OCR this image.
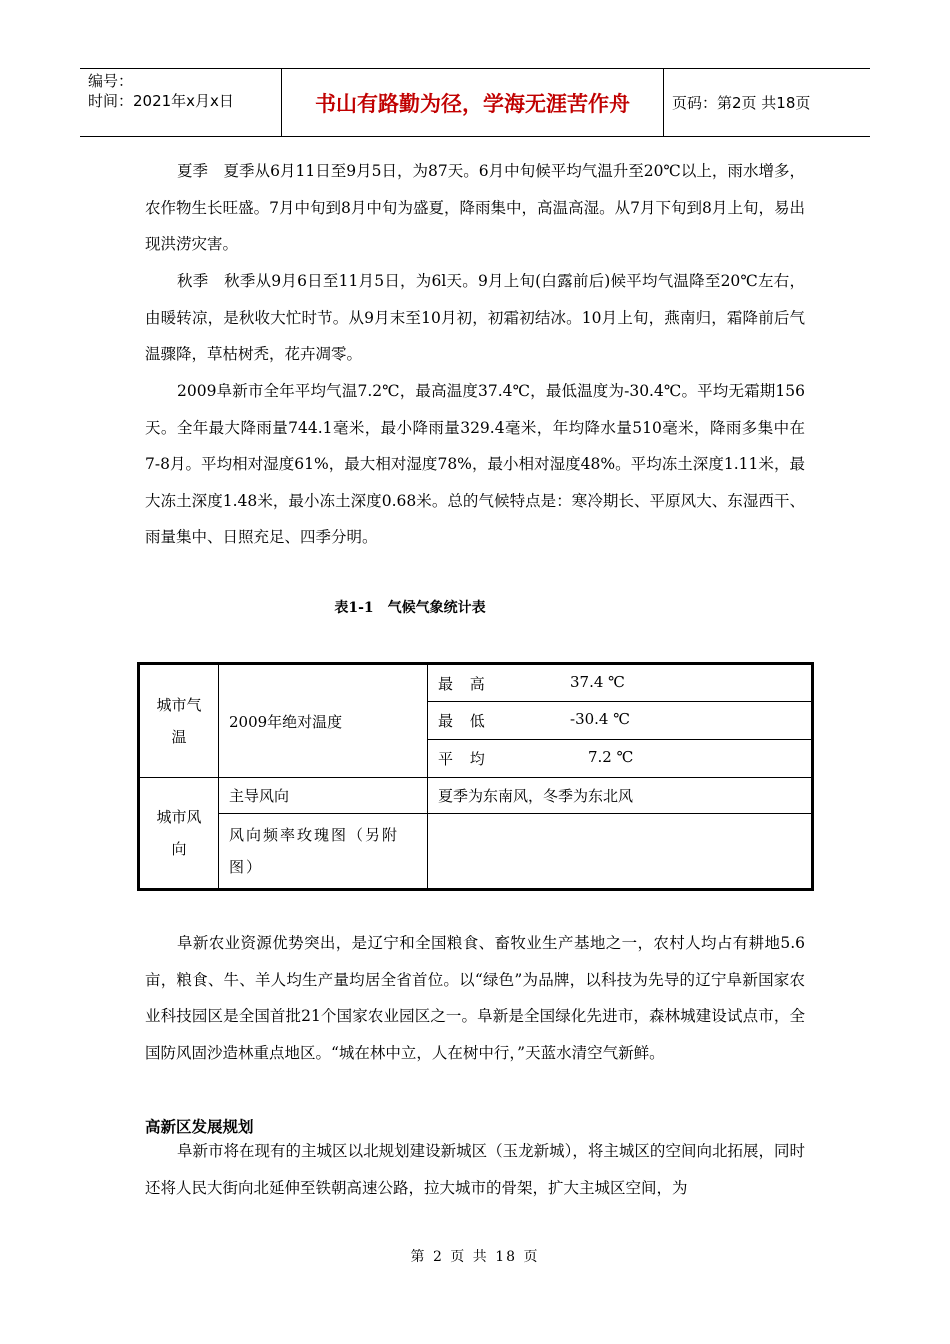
编号：
时间：2021年x月x日	书山有路勤为径，学海无涯苦作舟	页码：第2页 共18页

夏季　夏季从6月11日至9月5日，为87天。6月中旬候平均气温升至20℃以上，雨水增多，农作物生长旺盛。7月中旬到8月中旬为盛夏，降雨集中，高温高湿。从7月下旬到8月上旬，易出现洪涝灾害。

秋季　秋季从9月6日至11月5日，为6l天。9月上旬(白露前后)候平均气温降至20℃左右，由暖转凉，是秋收大忙时节。从9月末至10月初，初霜初结冰。10月上旬，燕南归，霜降前后气温骤降，草枯树秃，花卉凋零。

2009阜新市全年平均气温7.2℃，最高温度37.4℃，最低温度为-30.4℃。平均无霜期156天。全年最大降雨量744.1毫米，最小降雨量329.4毫米，年均降水量510毫米，降雨多集中在7-8月。平均相对湿度61%，最大相对湿度78%，最小相对湿度48%。平均冻土深度1.11米，最大冻土深度1.48米，最小冻土深度0.68米。总的气候特点是：寒冷期长、平原风大、东湿西干、雨量集中、日照充足、四季分明。

表1-1　气候气象统计表
城市气温	2009年绝对温度	最 高 37.4 ℃

		最 低 -30.4 ℃

		平 均 7.2 ℃

城市风向	主导风向	夏季为东南风，冬季为东北风
	风向频率玫瑰图（另附图）	

阜新农业资源优势突出，是辽宁和全国粮食、畜牧业生产基地之一，农村人均占有耕地5.6亩，粮食、牛、羊人均生产量均居全省首位。以“绿色”为品牌，以科技为先导的辽宁阜新国家农业科技园区是全国首批21个国家农业园区之一。阜新是全国绿化先进市，森林城建设试点市，全国防风固沙造林重点地区。“城在林中立，人在树中行，”天蓝水清空气新鲜。

高新区发展规划

阜新市将在现有的主城区以北规划建设新城区（玉龙新城），将主城区的空间向北拓展，同时还将人民大街向北延伸至铁朝高速公路，拉大城市的骨架，扩大主城区空间，为

第 2 页 共 18 页
